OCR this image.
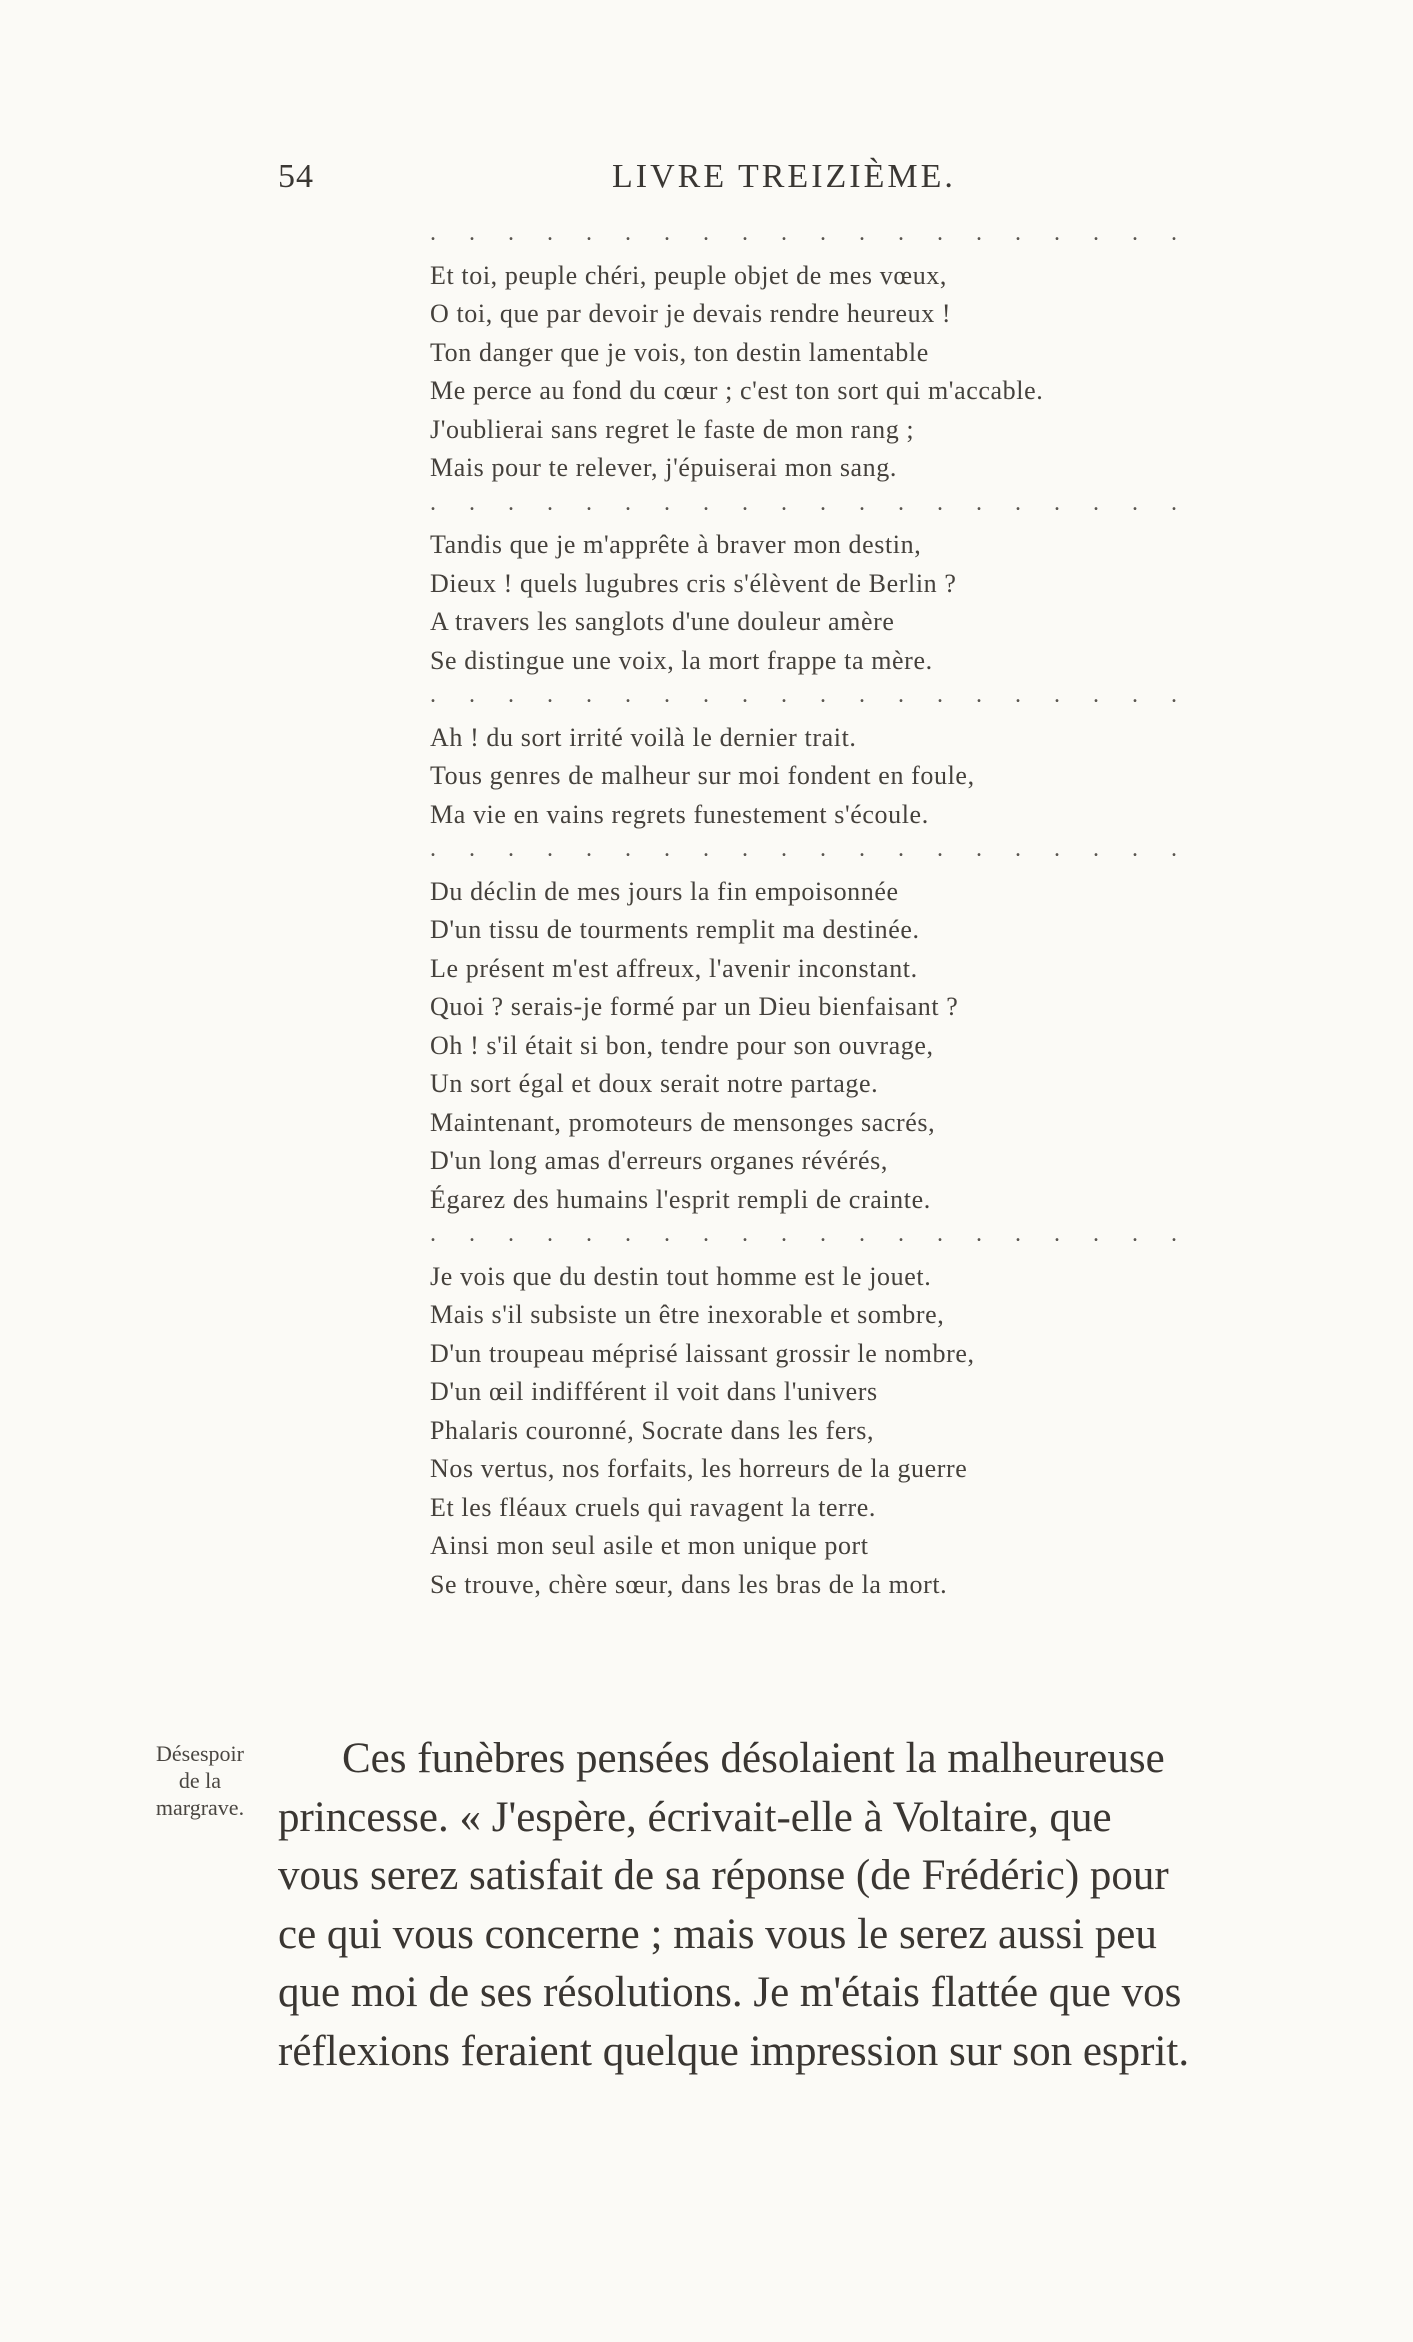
54	LIVRE TREIZIÈME.
. . . . . . . . . . . . . . . . . . . .
Et toi, peuple chéri, peuple objet de mes vœux,
O toi, que par devoir je devais rendre heureux !
Ton danger que je vois, ton destin lamentable
Me perce au fond du cœur ; c'est ton sort qui m'accable.
J'oublierai sans regret le faste de mon rang ;
Mais pour te relever, j'épuiserai mon sang.
. . . . . . . . . . . . . . . . . . . .
Tandis que je m'apprête à braver mon destin,
Dieux ! quels lugubres cris s'élèvent de Berlin ?
A travers les sanglots d'une douleur amère
Se distingue une voix, la mort frappe ta mère.
. . . . . . . . . . . . . . . . . . . .
Ah ! du sort irrité voilà le dernier trait.
Tous genres de malheur sur moi fondent en foule,
Ma vie en vains regrets funestement s'écoule.
. . . . . . . . . . . . . . . . . . . .
Du déclin de mes jours la fin empoisonnée
D'un tissu de tourments remplit ma destinée.
Le présent m'est affreux, l'avenir inconstant.
Quoi ? serais-je formé par un Dieu bienfaisant ?
Oh ! s'il était si bon, tendre pour son ouvrage,
Un sort égal et doux serait notre partage.
Maintenant, promoteurs de mensonges sacrés,
D'un long amas d'erreurs organes révérés,
Égarez des humains l'esprit rempli de crainte.
. . . . . . . . . . . . . . . . . . . .
Je vois que du destin tout homme est le jouet.
Mais s'il subsiste un être inexorable et sombre,
D'un troupeau méprisé laissant grossir le nombre,
D'un œil indifférent il voit dans l'univers
Phalaris couronné, Socrate dans les fers,
Nos vertus, nos forfaits, les horreurs de la guerre
Et les fléaux cruels qui ravagent la terre.
Ainsi mon seul asile et mon unique port
Se trouve, chère sœur, dans les bras de la mort.
Désespoir
de la
margrave.
Ces funèbres pensées désolaient la malheureuse
princesse. « J'espère, écrivait-elle à Voltaire, que
vous serez satisfait de sa réponse (de Frédéric) pour
ce qui vous concerne ; mais vous le serez aussi peu
que moi de ses résolutions. Je m'étais flattée que vos
réflexions feraient quelque impression sur son esprit.
